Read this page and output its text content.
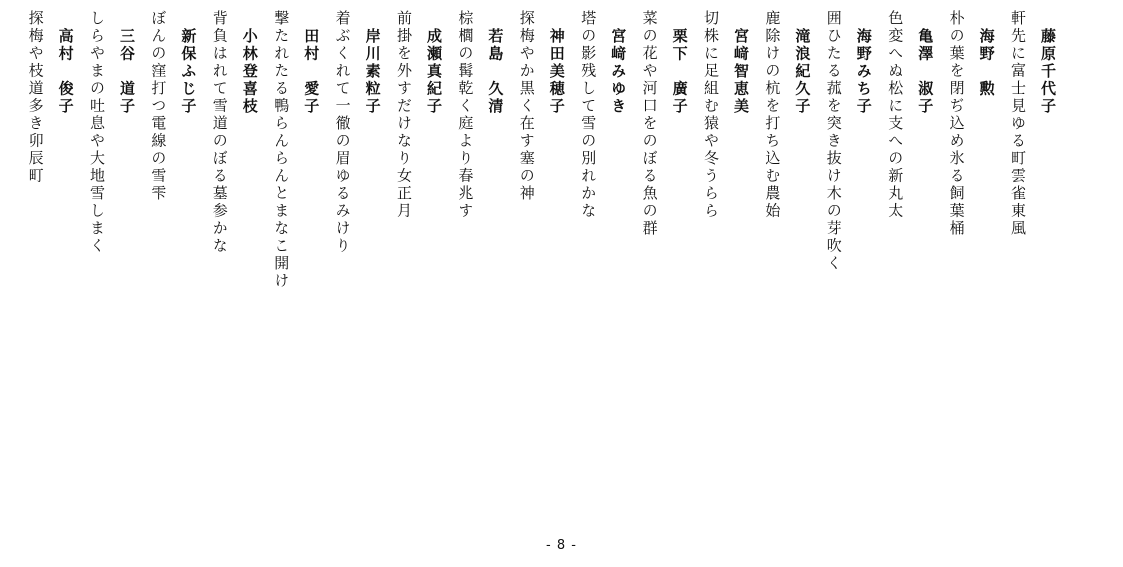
藤原千代子
軒先に富士見ゆる町雲雀東風
海野　勲
朴の葉を閉ぢ込め氷る飼葉桶
亀澤　淑子
色変へぬ松に支への新丸太
海野みち子
囲ひたる菰を突き抜け木の芽吹く
滝浪紀久子
鹿除けの杭を打ち込む農始
宮﨑智恵美
切株に足組む猿や冬うらら
栗下　廣子
菜の花や河口をのぼる魚の群
宮﨑みゆき
塔の影残して雪の別れかな
神田美穂子
探梅やか黒く在す塞の神
若島　久清
棕櫚の髯乾く庭より春兆す
成瀬真紀子
前掛を外すだけなり女正月
岸川素粒子
着ぶくれて一徹の眉ゆるみけり
田村　愛子
撃たれたる鴨らんらんとまなこ開け
小林登喜枝
背負はれて雪道のぼる墓参かな
新保ふじ子
ぼんの窪打つ電線の雪雫
三谷　道子
しらやまの吐息や大地雪しまく
高村　俊子
探梅や枝道多き卯辰町
- 8 -
